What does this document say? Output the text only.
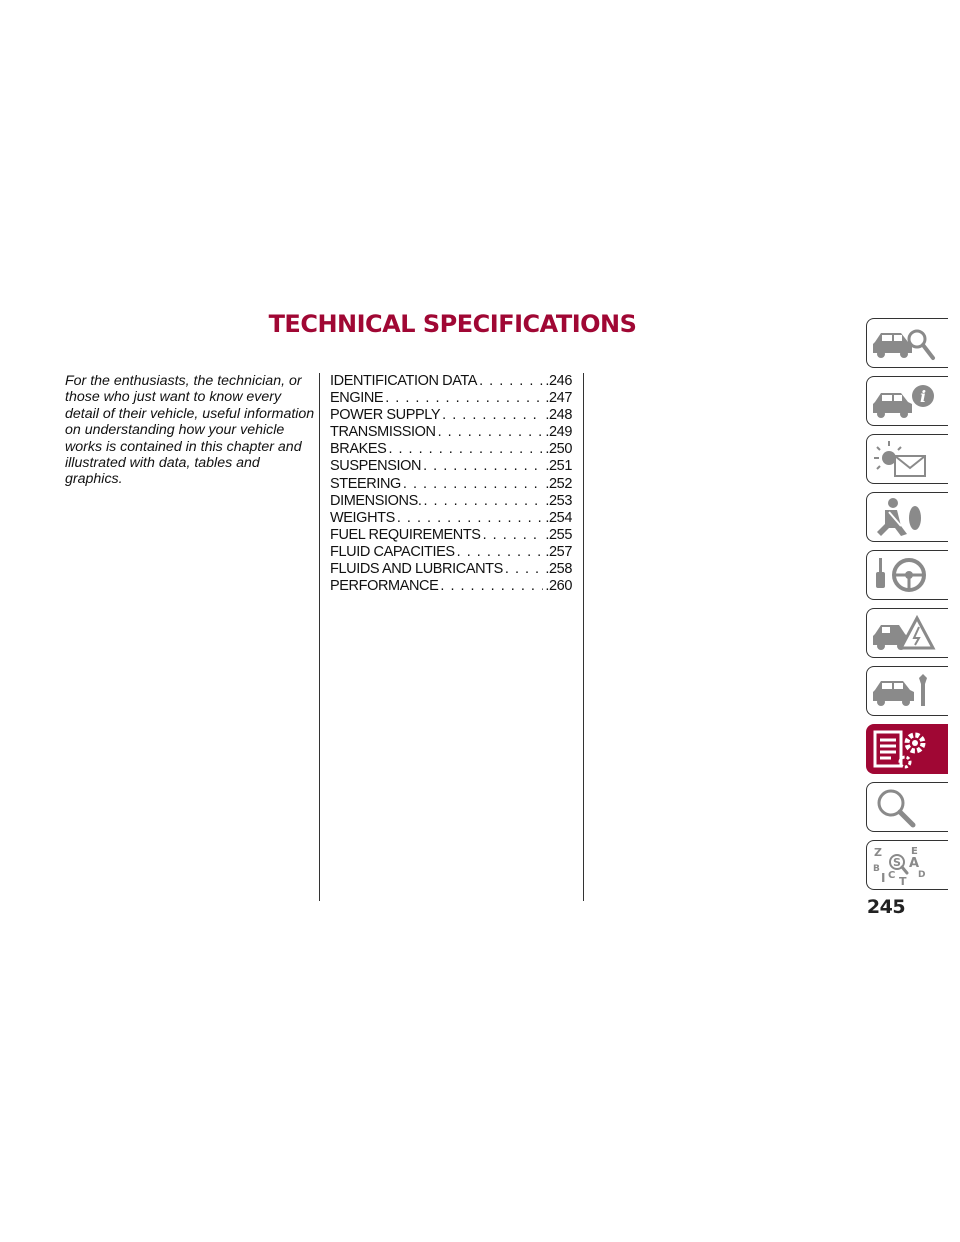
TECHNICAL SPECIFICATIONS

For the enthusiasts, the technician, or those who just want to know every detail of their vehicle, useful information on understanding how your vehicle works is contained in this chapter and illustrated with data, tables and graphics.

IDENTIFICATION DATA . . .	.246
ENGINE . . .	.247
POWER SUPPLY . . .	.248
TRANSMISSION . . .	.249
BRAKES . . .	.250
SUSPENSION . . .	.251
STEERING . . .	.252
DIMENSIONS. . . .	.253
WEIGHTS . . .	.254
FUEL REQUIREMENTS . . .	.255
FLUID CAPACITIES . . .	.257
FLUIDS AND LUBRICANTS . . .	.258
PERFORMANCE . . .	.260
i
Z	E
B A
I C	D
T
S
245
